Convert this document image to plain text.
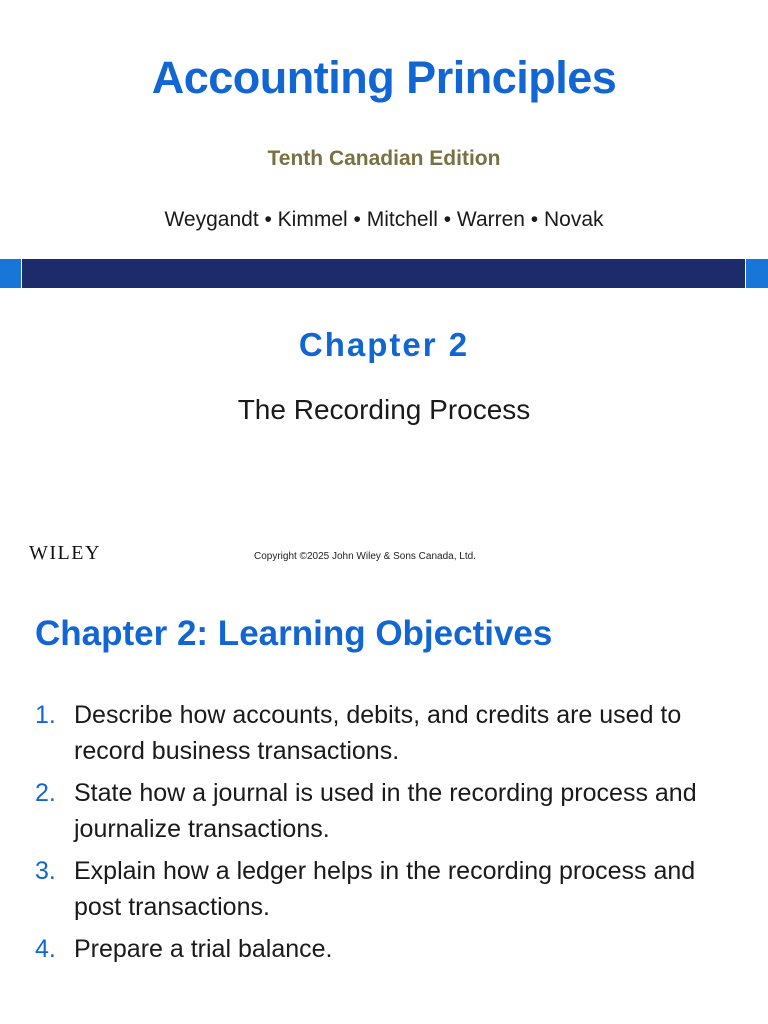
Accounting Principles
Tenth Canadian Edition
Weygandt • Kimmel • Mitchell • Warren • Novak
Chapter 2
The Recording Process
WILEY	Copyright ©2025 John Wiley & Sons Canada, Ltd.
Chapter 2: Learning Objectives
1. Describe how accounts, debits, and credits are used to record business transactions.
2. State how a journal is used in the recording process and journalize transactions.
3. Explain how a ledger helps in the recording process and post transactions.
4. Prepare a trial balance.
